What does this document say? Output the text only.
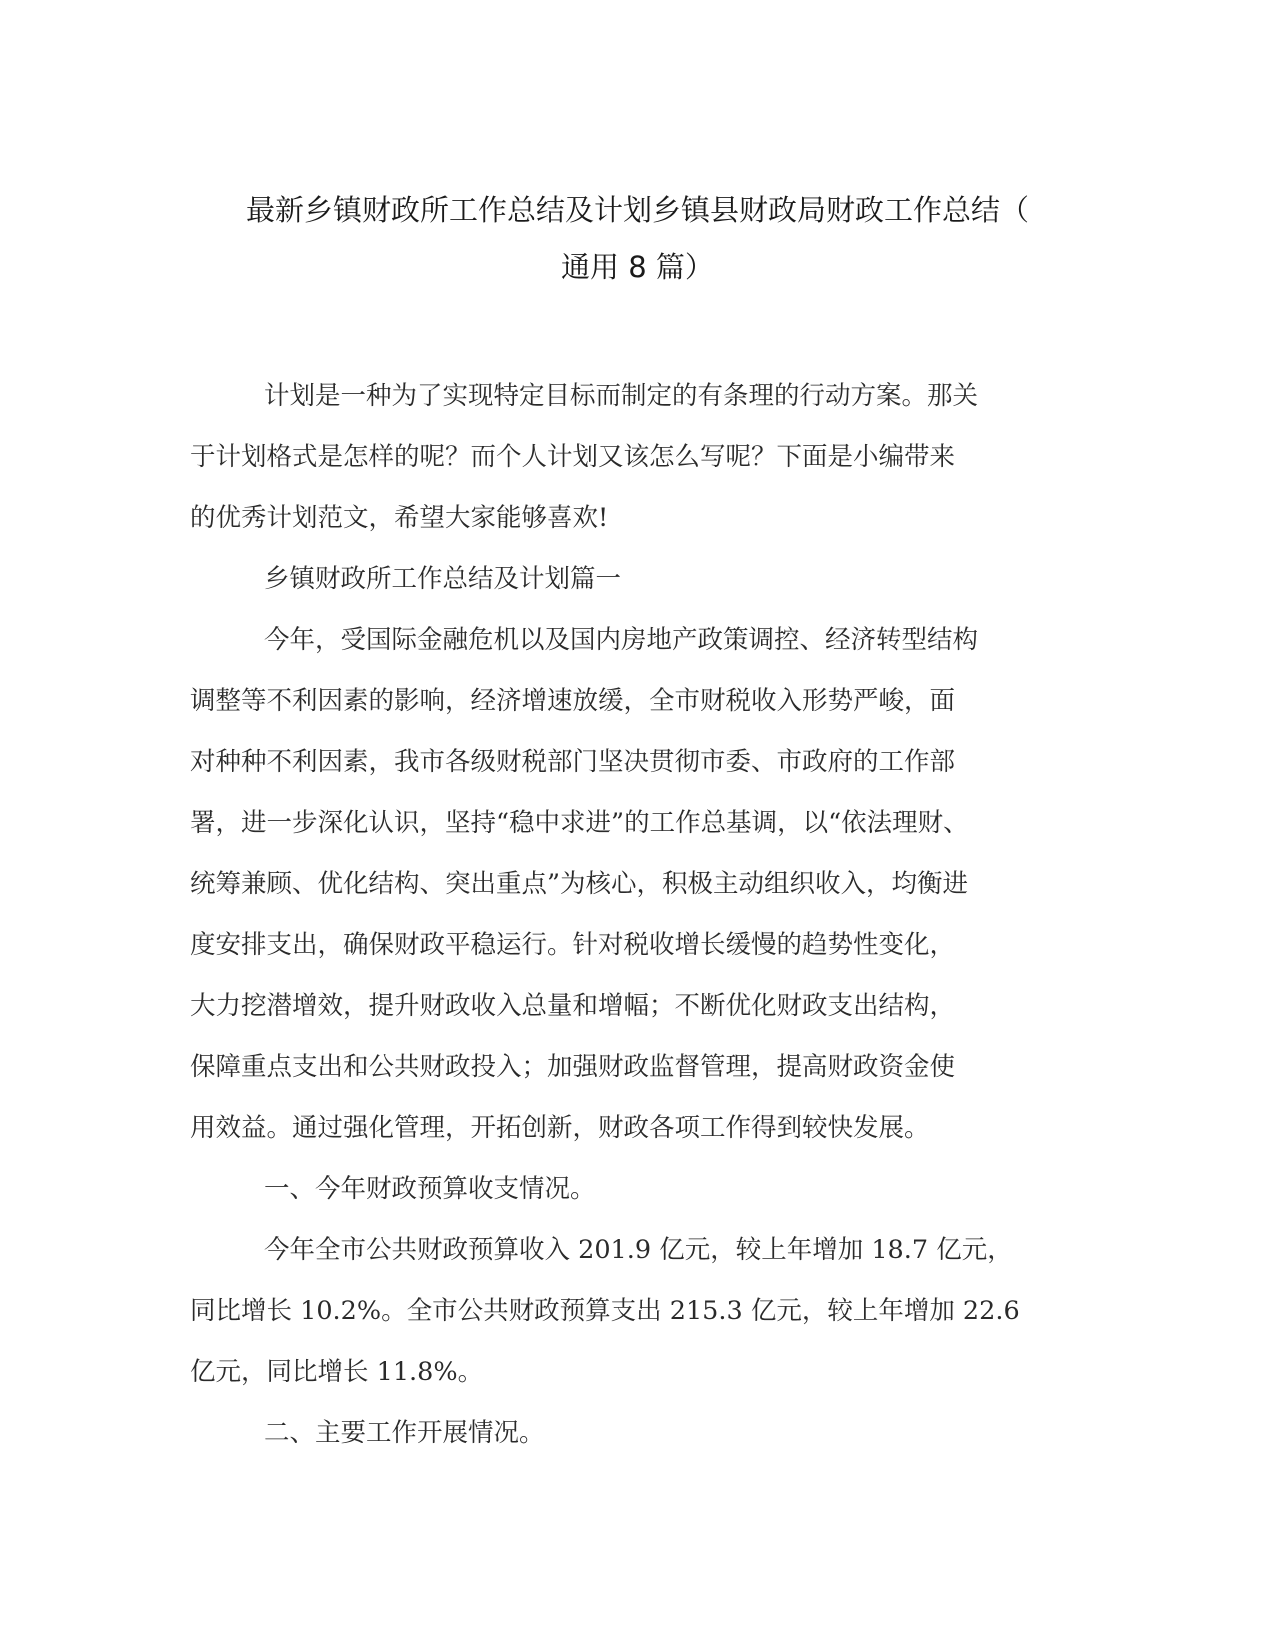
最新乡镇财政所工作总结及计划乡镇县财政局财政工作总结（
通用 8 篇）
计划是一种为了实现特定目标而制定的有条理的行动方案。那关
于计划格式是怎样的呢？而个人计划又该怎么写呢？下面是小编带来
的优秀计划范文，希望大家能够喜欢!
乡镇财政所工作总结及计划篇一
今年，受国际金融危机以及国内房地产政策调控、经济转型结构
调整等不利因素的影响，经济增速放缓，全市财税收入形势严峻，面
对种种不利因素，我市各级财税部门坚决贯彻市委、市政府的工作部
署，进一步深化认识，坚持“稳中求进”的工作总基调，以“依法理财、
统筹兼顾、优化结构、突出重点”为核心，积极主动组织收入，均衡进
度安排支出，确保财政平稳运行。针对税收增长缓慢的趋势性变化，
大力挖潜增效，提升财政收入总量和增幅；不断优化财政支出结构，
保障重点支出和公共财政投入；加强财政监督管理，提高财政资金使
用效益。通过强化管理，开拓创新，财政各项工作得到较快发展。
一、今年财政预算收支情况。
今年全市公共财政预算收入 201.9 亿元，较上年增加 18.7 亿元，
同比增长 10.2%。全市公共财政预算支出 215.3 亿元，较上年增加 22.6
亿元，同比增长 11.8%。
二、主要工作开展情况。
